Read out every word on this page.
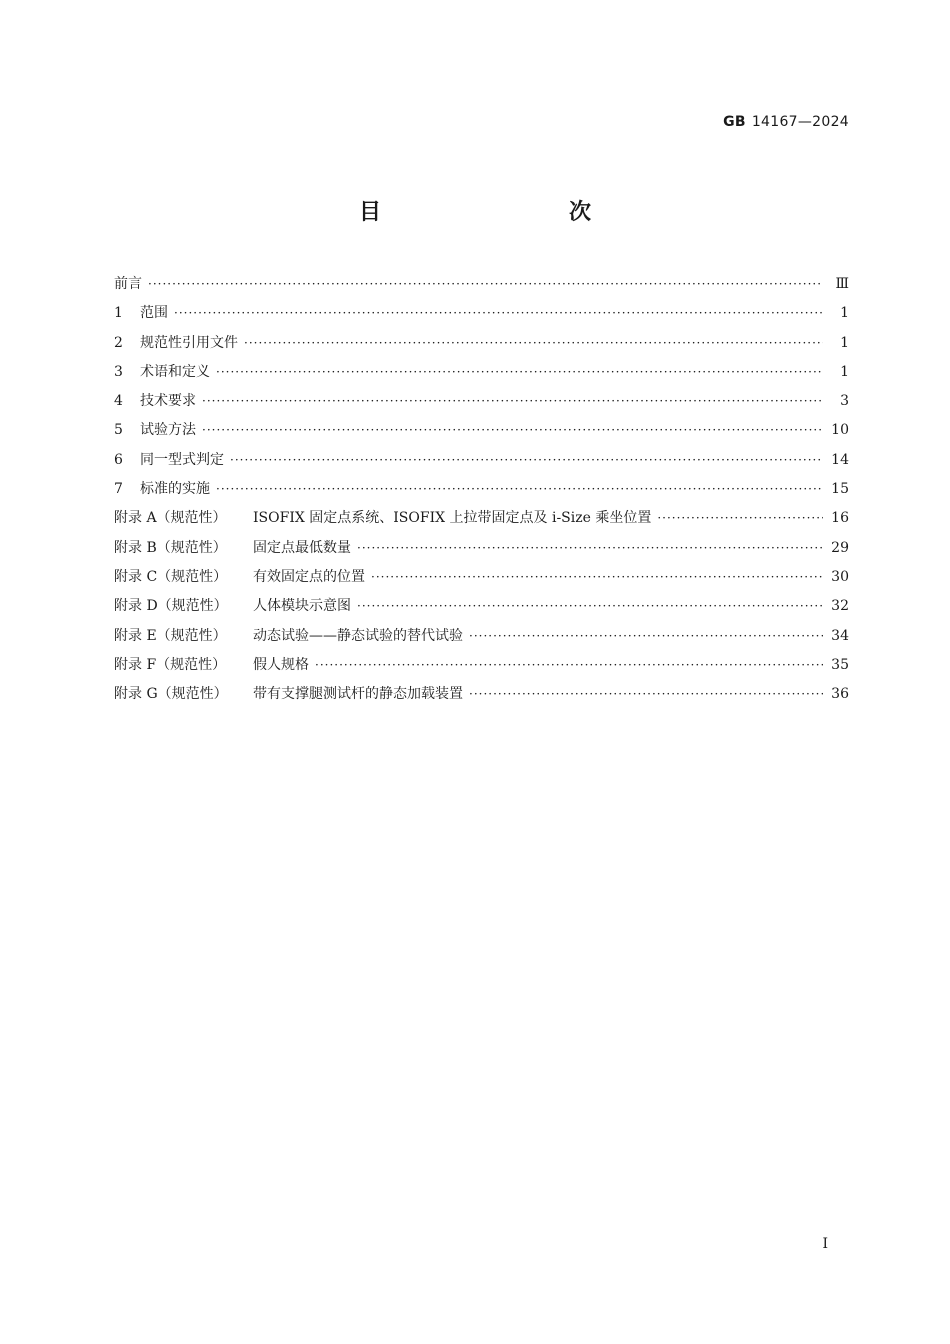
GB 14167—2024
目　　次
前言 ·····	Ⅲ
1	范围 ·····	1
2	规范性引用文件 ·····	1
3	术语和定义 ·····	1
4	技术要求 ·····	3
5	试验方法 ·····	10
6	同一型式判定 ·····	14
7	标准的实施 ·····	15
附录 A（规范性）	ISOFIX 固定点系统、ISOFIX 上拉带固定点及 i-Size 乘坐位置 ·····	16
附录 B（规范性）	固定点最低数量 ·····	29
附录 C（规范性）	有效固定点的位置 ·····	30
附录 D（规范性）	人体模块示意图 ·····	32
附录 E（规范性）	动态试验——静态试验的替代试验 ·····	34
附录 F（规范性）	假人规格 ·····	35
附录 G（规范性）	带有支撑腿测试杆的静态加载装置 ·····	36
I
